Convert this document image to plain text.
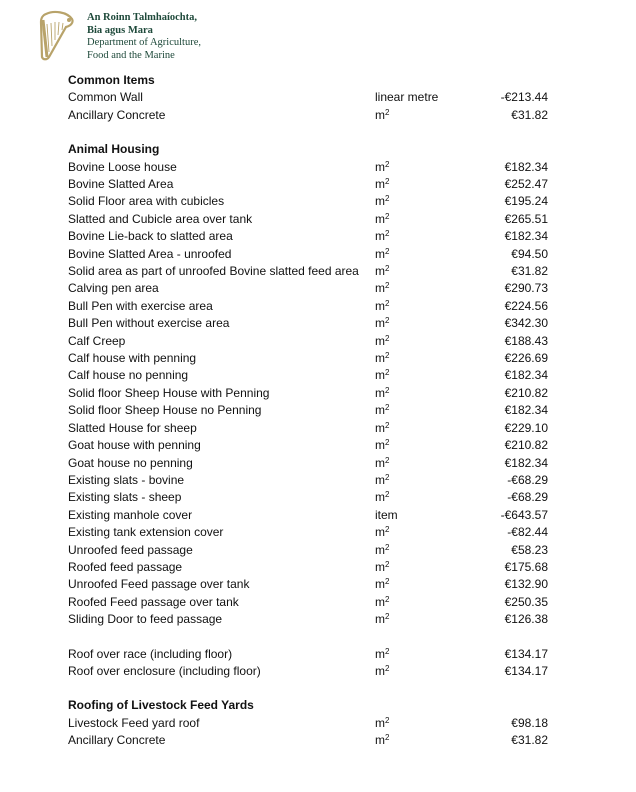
An Roinn Talmhaíochta,
Bia agus Mara
Department of Agriculture,
Food and the Marine
Common Items
Common Wall	linear metre	-€213.44
Ancillary Concrete	$m^2$	€31.82
Animal Housing
Bovine Loose house	$m^2$	€182.34
Bovine Slatted Area	$m^2$	€252.47
Solid Floor area with cubicles	$m^2$	€195.24
Slatted and Cubicle area over tank	$m^2$	€265.51
Bovine Lie-back to slatted area	$m^2$	€182.34
Bovine Slatted Area - unroofed	$m^2$	€94.50
Solid area as part of unroofed Bovine slatted feed area	$m^2$	€31.82
Calving pen area	$m^2$	€290.73
Bull Pen with exercise area	$m^2$	€224.56
Bull Pen without exercise area	$m^2$	€342.30
Calf Creep	$m^2$	€188.43
Calf house with penning	$m^2$	€226.69
Calf house no penning	$m^2$	€182.34
Solid floor Sheep House with Penning	$m^2$	€210.82
Solid floor Sheep House no Penning	$m^2$	€182.34
Slatted House for sheep	$m^2$	€229.10
Goat house with penning	$m^2$	€210.82
Goat house no penning	$m^2$	€182.34
Existing slats - bovine	$m^2$	-€68.29
Existing slats - sheep	$m^2$	-€68.29
Existing manhole cover	item	-€643.57
Existing tank extension cover	$m^2$	-€82.44
Unroofed feed passage	$m^2$	€58.23
Roofed feed passage	$m^2$	€175.68
Unroofed Feed passage over tank	$m^2$	€132.90
Roofed Feed passage over tank	$m^2$	€250.35
Sliding Door to feed passage	$m^2$	€126.38
Roof over race (including floor)	$m^2$	€134.17
Roof over enclosure (including floor)	$m^2$	€134.17
Roofing of Livestock Feed Yards
Livestock Feed yard roof	$m^2$	€98.18
Ancillary Concrete	$m^2$	€31.82
